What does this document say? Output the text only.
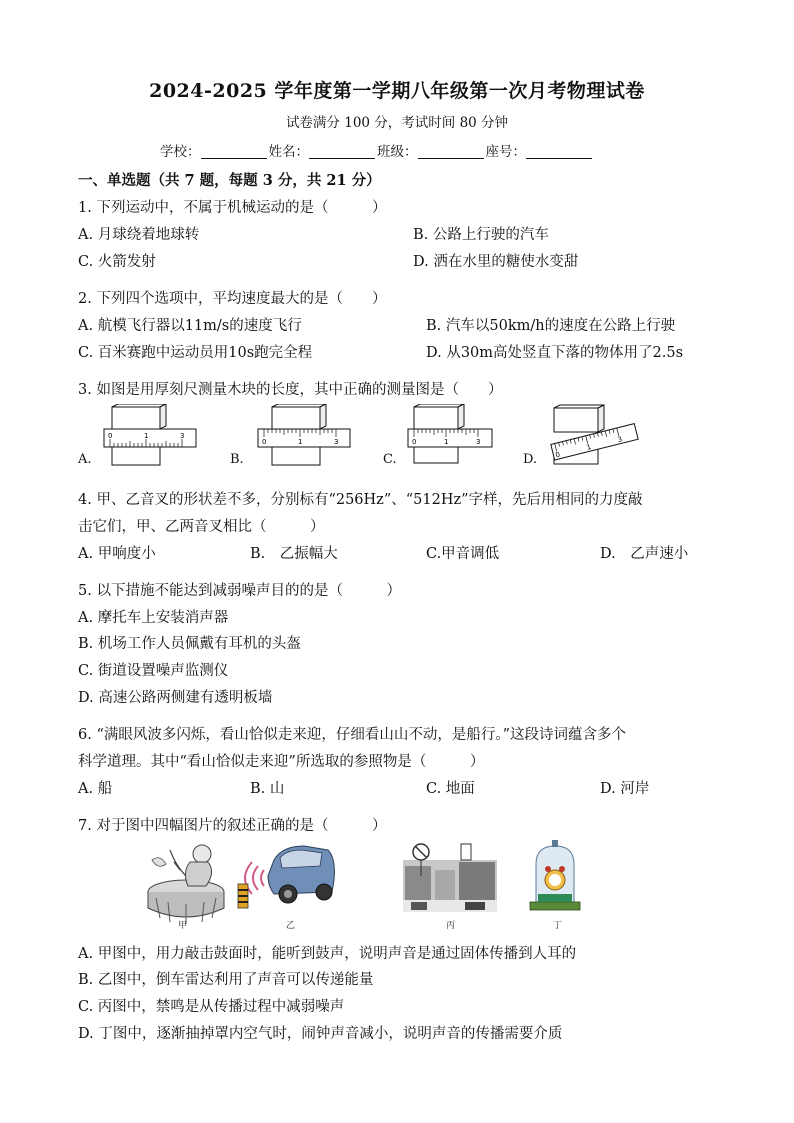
2024-2025 学年度第一学期八年级第一次月考物理试卷
试卷满分 100 分，考试时间 80 分钟
学校：	姓名：	班级：	座号：
一、单选题（共 7 题，每题 3 分，共 21 分）
1. 下列运动中，不属于机械运动的是（　　　）
A. 月球绕着地球转	B. 公路上行驶的汽车
C. 火箭发射	D. 洒在水里的糖使水变甜
2. 下列四个选项中，平均速度最大的是（　　）
A. 航模飞行器以11m/s的速度飞行	B. 汽车以50km/h的速度在公路上行驶
C. 百米赛跑中运动员用10s跑完全程	D. 从30m高处竖直下落的物体用了2.5s
3. 如图是用厚刻尺测量木块的长度，其中正确的测量图是（　　）
A.
0	1	3
B.
0	1	3
C.
0	1	3
D.	0
1
3
4. 甲、乙音叉的形状差不多，分别标有“256Hz”、“512Hz”字样，先后用相同的力度敲
击它们，甲、乙两音叉相比（　　　）
A. 甲响度小	B.　乙振幅大	C.甲音调低	D.　乙声速小
5. 以下措施不能达到减弱噪声目的的是（　　　）
A. 摩托车上安装消声器
B. 机场工作人员佩戴有耳机的头盔
C. 街道设置噪声监测仪
D. 高速公路两侧建有透明板墙
6. “满眼风波多闪烁，看山恰似走来迎，仔细看山山不动，是船行。”这段诗词蕴含多个
科学道理。其中“看山恰似走来迎”所选取的参照物是（　　　）
A. 船	B. 山	C. 地面	D. 河岸
7. 对于图中四幅图片的叙述正确的是（　　　）
甲	乙	丙	丁
A. 甲图中，用力敲击鼓面时，能听到鼓声，说明声音是通过固体传播到人耳的
B. 乙图中，倒车雷达利用了声音可以传递能量
C. 丙图中，禁鸣是从传播过程中减弱噪声
D. 丁图中，逐渐抽掉罩内空气时，闹钟声音减小，说明声音的传播需要介质
